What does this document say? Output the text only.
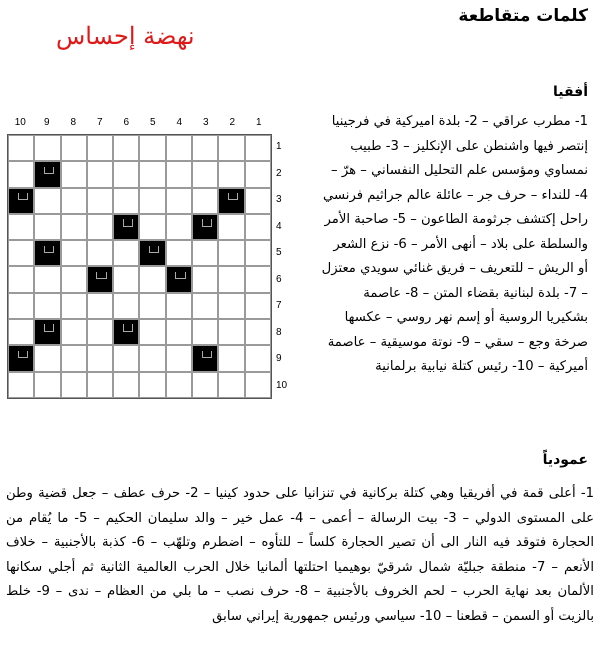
كلمات متقاطعة
نهضة إحساس
أفقيا

1- مطرب عراقي – 2- بلدة اميركية في فرجينيا إنتصر فيها واشنطن على الإنكليز – 3- طبيب نمساوي ومؤسس علم التحليل النفساني – هرّ – 4- للنداء – حرف جر – عائلة عالم جراثيم فرنسي راحل إكتشف جرثومة الطاعون – 5- صاحبة الأمر والسلطة على بلاد – أنهى الأمر – 6- نزع الشعر أو الريش – للتعريف – فريق غنائي سويدي معتزل – 7- بلدة لبنانية بقضاء المتن – 8- عاصمة بشكيريا الروسية أو إسم نهر روسي – عكسها صرخة وجع – سقي – 9- نوتة موسيقية – عاصمة أميركية – 10- رئيس كتلة نيابية برلمانية

10	9	8	7	6	5	4	3	2	1
1
2
3
4
5
6
7
8
9
10
عمودياً

1- أعلى قمة في أفريقيا وهي كتلة بركانية في تنزانيا على حدود كينيا – 2- حرف عطف – جعل قضية وطن على المستوى الدولي – 3- بيت الرسالة – أعمى – 4- عمل خير – والد سليمان الحكيم – 5- ما يُقام من الحجارة فتوقد فيه النار الى أن تصير الحجارة كلساً – للتأوه – اضطرم وتلهّب – 6- كذبة بالأجنبية – خلاف الأنعم – 7- منطقة جبليّة شمال شرقيّ بوهيميا احتلتها ألمانيا خلال الحرب العالمية الثانية ثم أجلي سكانها الألمان بعد نهاية الحرب – لحم الخروف بالأجنبية – 8- حرف نصب – ما بلي من العظام – ندى – 9- خلط بالزيت أو السمن – قطعنا – 10- سياسي ورئيس جمهورية إيراني سابق
